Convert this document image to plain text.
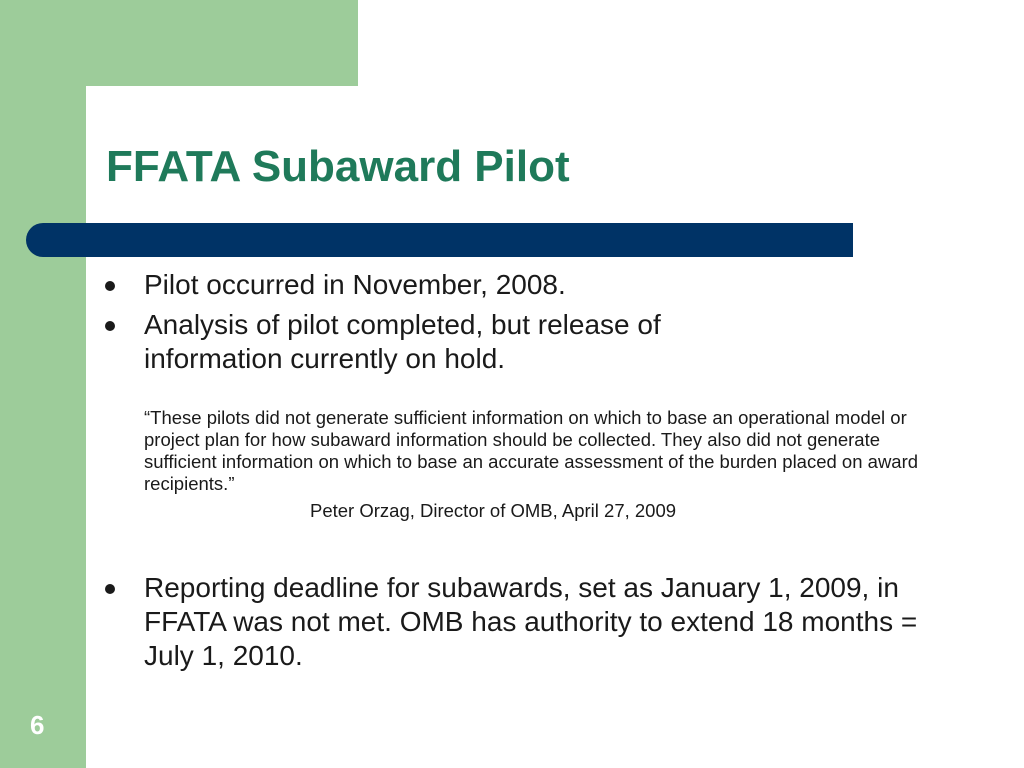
FFATA Subaward Pilot

Pilot occurred in November, 2008.

Analysis of pilot completed, but release of information currently on hold.

“These pilots did not generate sufficient information on which to base an operational model or project plan for how subaward information should be collected. They also did not generate sufficient information on which to base an accurate assessment of the burden placed on award recipients.”

Peter Orzag, Director of OMB, April 27, 2009

Reporting deadline for subawards, set as January 1, 2009, in FFATA was not met. OMB has authority to extend 18 months = July 1, 2010.

6
